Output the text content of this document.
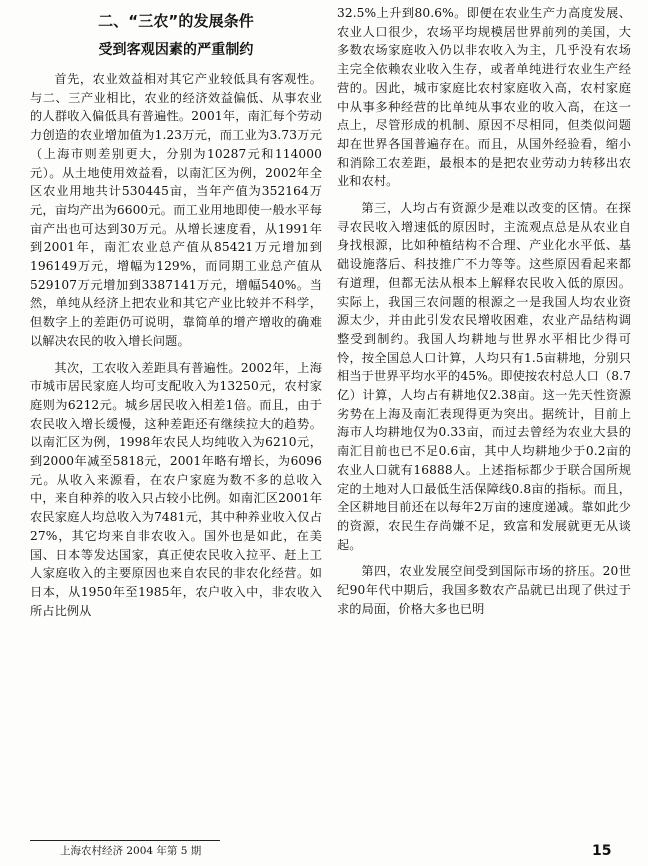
二、“三农”的发展条件
受到客观因素的严重制约

首先，农业效益相对其它产业较低具有客观性。与二、三产业相比，农业的经济效益偏低、从事农业的人群收入偏低具有普遍性。2001年，南汇每个劳动力创造的农业增加值为1.23万元，而工业为3.73万元（上海市则差别更大，分别为10287元和114000元）。从土地使用效益看，以南汇区为例，2002年全区农业用地共计530445亩，当年产值为352164万元，亩均产出为6600元。而工业用地即使一般水平每亩产出也可达到30万元。从增长速度看，从1991年到2001年，南汇农业总产值从85421万元增加到196149万元，增幅为129%，而同期工业总产值从529107万元增加到3387141万元，增幅540%。当然，单纯从经济上把农业和其它产业比较并不科学，但数字上的差距仍可说明，靠简单的增产增收的确难以解决农民的收入增长问题。

其次，工农收入差距具有普遍性。2002年，上海市城市居民家庭人均可支配收入为13250元，农村家庭则为6212元。城乡居民收入相差1倍。而且，由于农民收入增长缓慢，这种差距还有继续拉大的趋势。以南汇区为例，1998年农民人均纯收入为6210元，到2000年减至5818元，2001年略有增长，为6096元。从收入来源看，在农户家庭为数不多的总收入中，来自种养的收入只占较小比例。如南汇区2001年农民家庭人均总收入为7481元，其中种养业收入仅占27%，其它均来自非农收入。国外也是如此，在美国、日本等发达国家，真正使农民收入拉平、赶上工人家庭收入的主要原因也来自农民的非农化经营。如日本，从1950年至1985年，农户收入中，非农收入所占比例从

32.5%上升到80.6%。即便在农业生产力高度发展、农业人口很少，农场平均规模居世界前列的美国，大多数农场家庭收入仍以非农收入为主，几乎没有农场主完全依赖农业收入生存，或者单纯进行农业生产经营的。因此，城市家庭比农村家庭收入高，农村家庭中从事多种经营的比单纯从事农业的收入高，在这一点上，尽管形成的机制、原因不尽相同，但类似问题却在世界各国普遍存在。而且，从国外经验看，缩小和消除工农差距，最根本的是把农业劳动力转移出农业和农村。

第三，人均占有资源少是难以改变的区情。在探寻农民收入增速低的原因时，主流观点总是从农业自身找根源，比如种植结构不合理、产业化水平低、基础设施落后、科技推广不力等等。这些原因看起来都有道理，但都无法从根本上解释农民收入低的原因。实际上，我国三农问题的根源之一是我国人均农业资源太少，并由此引发农民增收困难，农业产品结构调整受到制约。我国人均耕地与世界水平相比少得可怜，按全国总人口计算，人均只有1.5亩耕地，分别只相当于世界平均水平的45%。即使按农村总人口（8.7亿）计算，人均占有耕地仅2.38亩。这一先天性资源劣势在上海及南汇表现得更为突出。据统计，目前上海市人均耕地仅为0.33亩，而过去曾经为农业大县的南汇目前也已不足0.6亩，其中人均耕地少于0.2亩的农业人口就有16888人。上述指标都少于联合国所规定的土地对人口最低生活保障线0.8亩的指标。而且，全区耕地目前还在以每年2万亩的速度递减。靠如此少的资源，农民生存尚嫌不足，致富和发展就更无从谈起。

第四，农业发展空间受到国际市场的挤压。20世纪90年代中期后，我国多数农产品就已出现了供过于求的局面，价格大多也已明

上海农村经济 2004 年第 5 期	15
